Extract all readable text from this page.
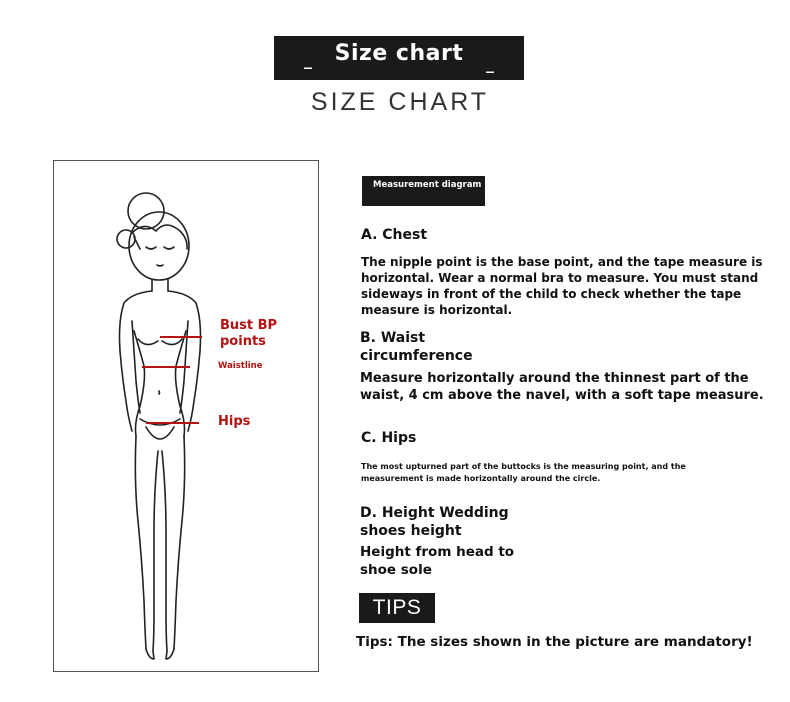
_	Size chart	_
SIZE CHART
Bust BP points
Waistline
Hips
Measurement diagram
A. Chest
The nipple point is the base point, and the tape measure is horizontal. Wear a normal bra to measure. You must stand sideways in front of the child to check whether the tape measure is horizontal.
B. Waist circumference
Measure horizontally around the thinnest part of the waist, 4 cm above the navel, with a soft tape measure.
C. Hips
The most upturned part of the buttocks is the measuring point, and the measurement is made horizontally around the circle.
D. Height Wedding shoes height
Height from head to shoe sole
TIPS
Tips: The sizes shown in the picture are mandatory!
